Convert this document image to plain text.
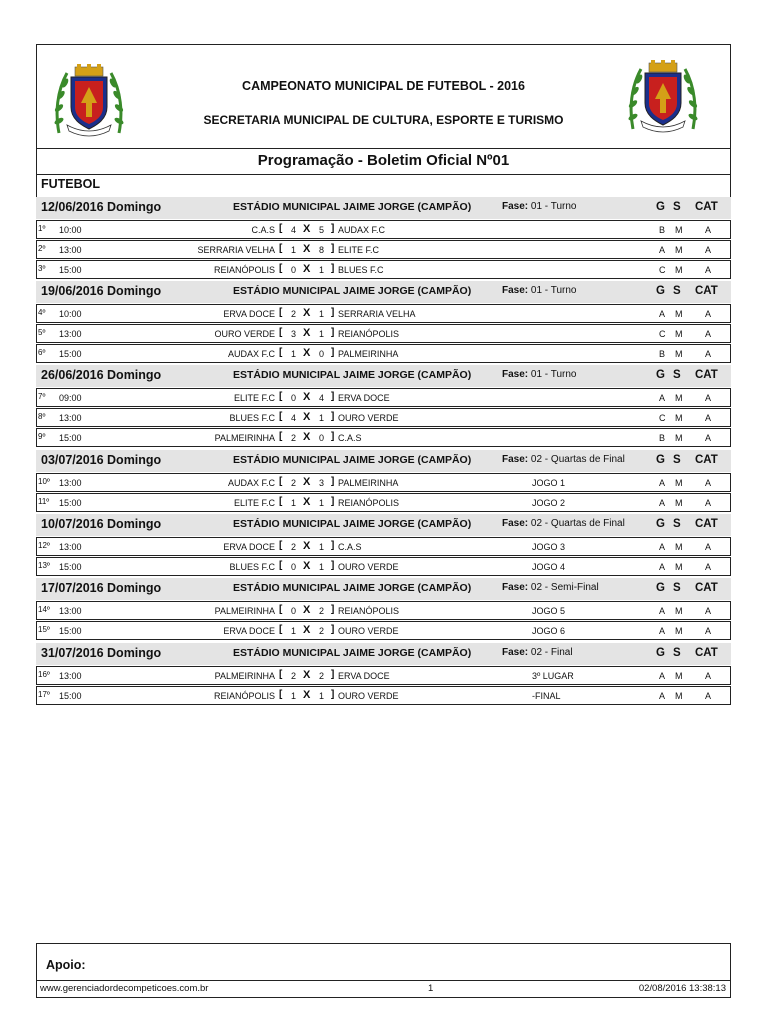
CAMPEONATO MUNICIPAL DE FUTEBOL - 2016
SECRETARIA MUNICIPAL DE CULTURA, ESPORTE E TURISMO
Programação - Boletim Oficial Nº01
FUTEBOL
12/06/2016 Domingo	ESTÁDIO MUNICIPAL JAIME JORGE (CAMPÃO)	Fase: 01 - Turno	G S CAT
1º 10:00	C.A.S [ 4 X 5 ] AUDAX F.C	B M	A
2º 13:00	SERRARIA VELHA [ 1 X 8 ] ELITE F.C	A M	A
3º 15:00	REIANÓPOLIS [ 0 X 1 ] BLUES F.C	C M	A
19/06/2016 Domingo	ESTÁDIO MUNICIPAL JAIME JORGE (CAMPÃO)	Fase: 01 - Turno	G S CAT
4º 10:00	ERVA DOCE [ 2 X 1 ] SERRARIA VELHA	A M	A
5º 13:00	OURO VERDE [ 3 X 1 ] REIANÓPOLIS	C M	A
6º 15:00	AUDAX F.C [ 1 X 0 ] PALMEIRINHA	B M	A
26/06/2016 Domingo	ESTÁDIO MUNICIPAL JAIME JORGE (CAMPÃO)	Fase: 01 - Turno	G S CAT
7º 09:00	ELITE F.C [ 0 X 4 ] ERVA DOCE	A M	A
8º 13:00	BLUES F.C [ 4 X 1 ] OURO VERDE	C M	A
9º 15:00	PALMEIRINHA [ 2 X 0 ] C.A.S	B M	A
03/07/2016 Domingo	ESTÁDIO MUNICIPAL JAIME JORGE (CAMPÃO)	Fase: 02 - Quartas de Final	G S CAT
10º 13:00	AUDAX F.C [ 2 X 3 ] PALMEIRINHA	JOGO 1	A M	A
11º 15:00	ELITE F.C [ 1 X 1 ] REIANÓPOLIS	JOGO 2	A M	A
10/07/2016 Domingo	ESTÁDIO MUNICIPAL JAIME JORGE (CAMPÃO)	Fase: 02 - Quartas de Final	G S CAT
12º 13:00	ERVA DOCE [ 2 X 1 ] C.A.S	JOGO 3	A M	A
13º 15:00	BLUES F.C [ 0 X 1 ] OURO VERDE	JOGO 4	A M	A
17/07/2016 Domingo	ESTÁDIO MUNICIPAL JAIME JORGE (CAMPÃO)	Fase: 02 - Semi-Final	G S CAT
14º 13:00	PALMEIRINHA [ 0 X 2 ] REIANÓPOLIS	JOGO 5	A M	A
15º 15:00	ERVA DOCE [ 1 X 2 ] OURO VERDE	JOGO 6	A M	A
31/07/2016 Domingo	ESTÁDIO MUNICIPAL JAIME JORGE (CAMPÃO)	Fase: 02 - Final	G S CAT
16º 13:00	PALMEIRINHA [ 2 X 2 ] ERVA DOCE	3º LUGAR	A M	A
17º 15:00	REIANÓPOLIS [ 1 X 1 ] OURO VERDE	-FINAL	A M	A
Apoio:
www.gerenciadordecompeticoes.com.br	1	02/08/2016 13:38:13
